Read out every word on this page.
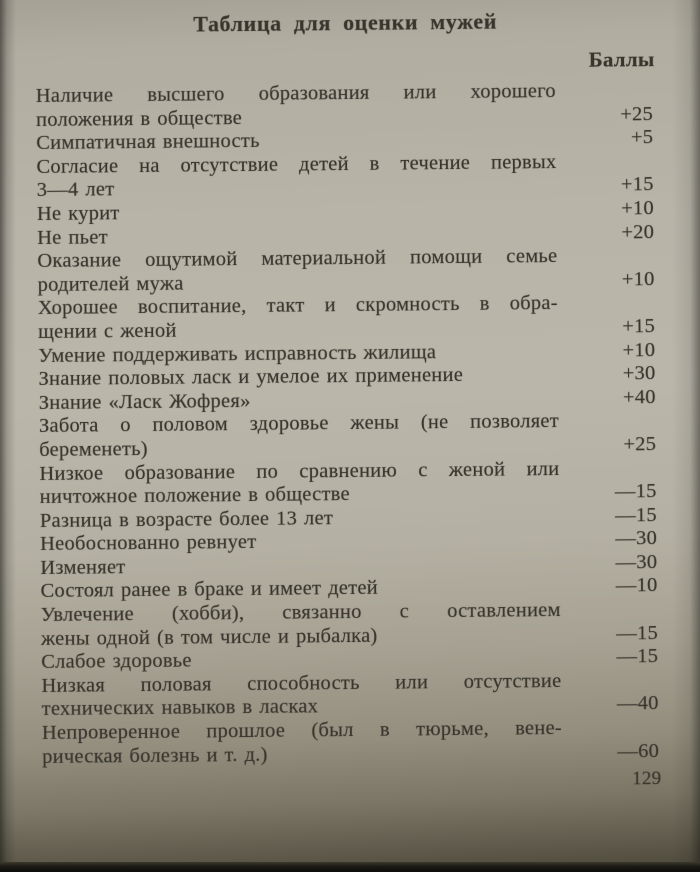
Таблица для оценки мужей
Баллы
Наличие высшего образования или хорошего
положения в обществе	+25
Симпатичная внешность	+5
Согласие на отсутствие детей в течение первых
3—4 лет	+15
Не курит	+10
Не пьет	+20
Оказание ощутимой материальной помощи семье
родителей мужа	+10
Хорошее воспитание, такт и скромность в обра-
щении с женой	+15
Умение поддерживать исправность жилища	+10
Знание половых ласк и умелое их применение	+30
Знание «Ласк Жофрея»	+40
Забота о половом здоровье жены (не позволяет
беременеть)	+25
Низкое образование по сравнению с женой или
ничтожное положение в обществе	—15
Разница в возрасте более 13 лет	—15
Необоснованно ревнует	—30
Изменяет	—30
Состоял ранее в браке и имеет детей	—10
Увлечение (хобби), связанно с оставлением
жены одной (в том числе и рыбалка)	—15
Слабое здоровье	—15
Низкая половая способность или отсутствие
технических навыков в ласках	—40
Непроверенное прошлое (был в тюрьме, вене-
рическая болезнь и т. д.)	—60
129
